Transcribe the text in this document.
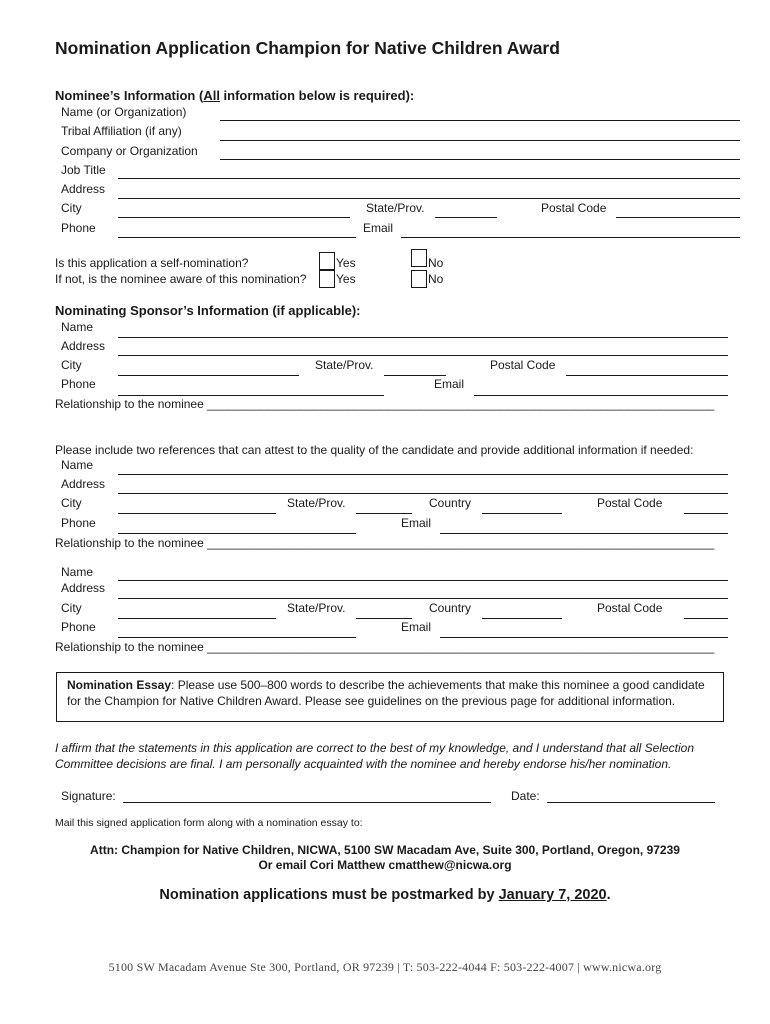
Nomination Application Champion for Native Children Award
Nominee’s Information (All information below is required):
Name (or Organization)
Tribal Affiliation (if any)
Company or Organization
Job Title
Address
City	State/Prov.	Postal Code
Phone	Email
Is this application a self-nomination?	Yes	No
If not, is the nominee aware of this nomination? Yes	No
Nominating Sponsor’s Information (if applicable):
Name
Address
City	State/Prov.	Postal Code
Phone	Email
Relationship to the nominee ____________________________________________________________________________
Please include two references that can attest to the quality of the candidate and provide additional information if needed:
Name
Address
City	State/Prov.	Country	Postal Code
Phone	Email
Relationship to the nominee ____________________________________________________________________________
Name
Address
City	State/Prov.	Country	Postal Code
Phone	Email
Relationship to the nominee ____________________________________________________________________________
Nomination Essay: Please use 500–800 words to describe the achievements that make this nominee a good candidate for the Champion for Native Children Award. Please see guidelines on the previous page for additional information.
I affirm that the statements in this application are correct to the best of my knowledge, and I understand that all Selection Committee decisions are final. I am personally acquainted with the nominee and hereby endorse his/her nomination.
Signature:	Date:
Mail this signed application form along with a nomination essay to:
Attn: Champion for Native Children, NICWA, 5100 SW Macadam Ave, Suite 300, Portland, Oregon, 97239
Or email Cori Matthew cmatthew@nicwa.org
Nomination applications must be postmarked by January 7, 2020.
5100 SW Macadam Avenue Ste 300, Portland, OR 97239 | T: 503-222-4044 F: 503-222-4007 | www.nicwa.org
